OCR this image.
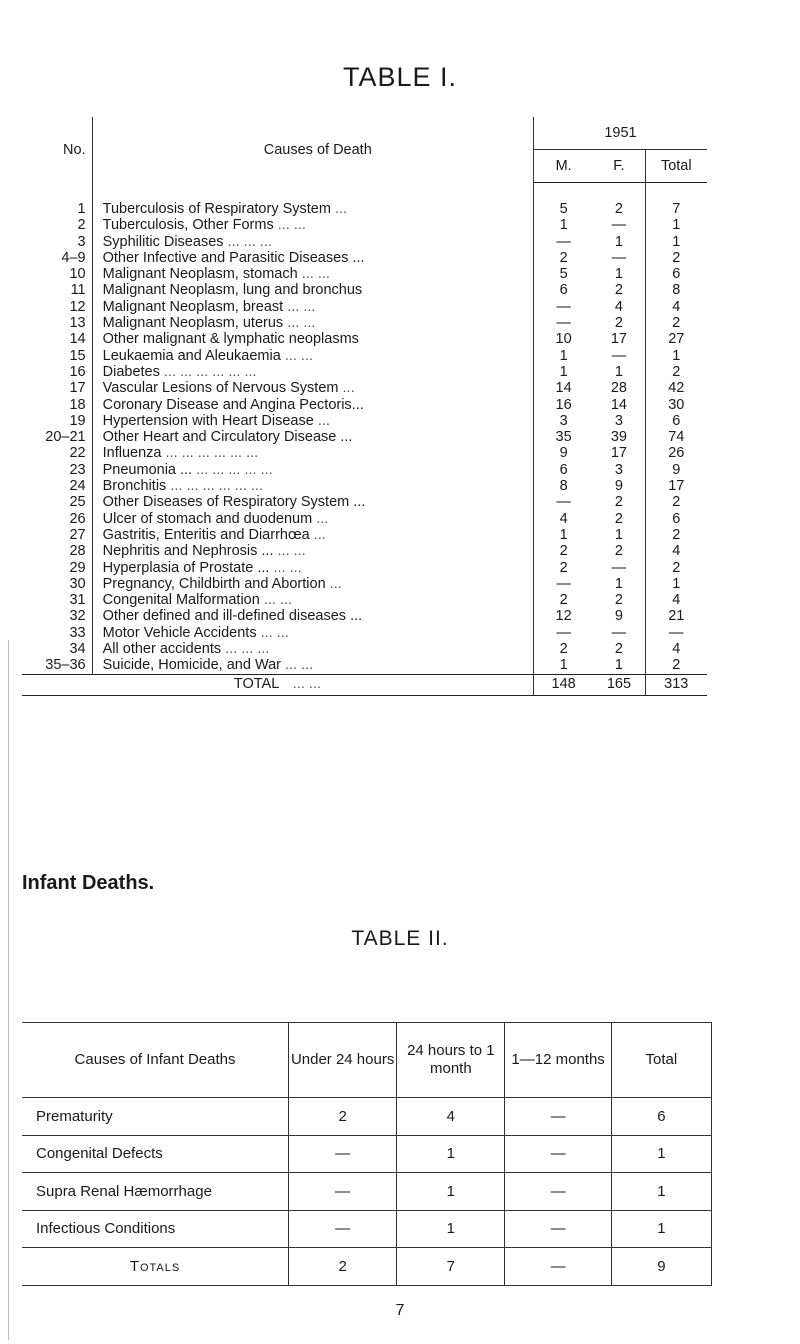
TABLE I.
No.	Causes of Death	1951		
		M.	F.	Total

1	Tuberculosis of Respiratory System ...	5	2	7
2	Tuberculosis, Other Forms ... ...	1	—	1
3	Syphilitic Diseases ... ... ...	—	1	1
4–9	Other Infective and Parasitic Diseases ...	2	—	2
10	Malignant Neoplasm, stomach ... ...	5	1	6
11	Malignant Neoplasm, lung and bronchus	6	2	8
12	Malignant Neoplasm, breast ... ...	—	4	4
13	Malignant Neoplasm, uterus ... ...	—	2	2
14	Other malignant & lymphatic neoplasms	10	17	27
15	Leukaemia and Aleukaemia ... ...	1	—	1
16	Diabetes ... ... ... ... ... ...	1	1	2
17	Vascular Lesions of Nervous System ...	14	28	42
18	Coronary Disease and Angina Pectoris...	16	14	30
19	Hypertension with Heart Disease ...	3	3	6
20–21	Other Heart and Circulatory Disease ...	35	39	74
22	Influenza ... ... ... ... ... ...	9	17	26
23	Pneumonia ... ... ... ... ... ...	6	3	9
24	Bronchitis ... ... ... ... ... ...	8	9	17
25	Other Diseases of Respiratory System ...	—	2	2
26	Ulcer of stomach and duodenum ...	4	2	6
27	Gastritis, Enteritis and Diarrhœa ...	1	1	2
28	Nephritis and Nephrosis ... ... ...	2	2	4
29	Hyperplasia of Prostate ... ... ...	2	—	2
30	Pregnancy, Childbirth and Abortion ...	—	1	1
31	Congenital Malformation ... ...	2	2	4
32	Other defined and ill-defined diseases ...	12	9	21
33	Motor Vehicle Accidents ... ...	—	—	—
34	All other accidents ... ... ...	2	2	4
35–36	Suicide, Homicide, and War ... ...	1	1	2
TOTAL ... ...		148	165	313
Infant Deaths.
TABLE II.
Causes of Infant Deaths	Under 24 hours	24 hours to 1 month	1—12 months	Total
Prematurity	2	4	—	6
Congenital Defects	—	1	—	1
Supra Renal Hæmorrhage	—	1	—	1
Infectious Conditions	—	1	—	1
Totals	2	7	—	9
7
